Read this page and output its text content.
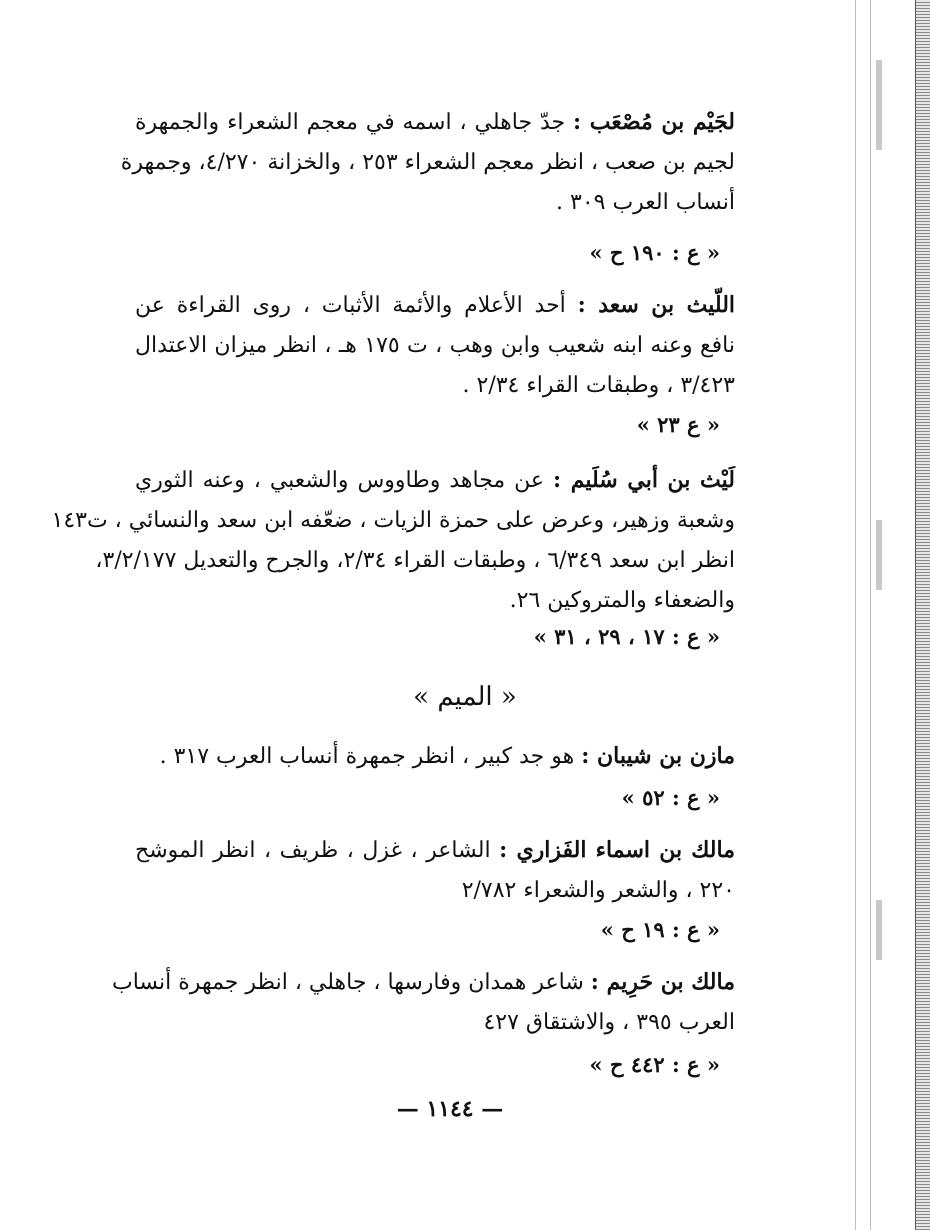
لجَيْم بن مُصْعَب : جدّ جاهلي ، اسمه في معجم الشعراء والجمهرة
لجيم بن صعب ، انظر معجم الشعراء ٢٥٣ ، والخزانة ٤/٢٧٠، وجمهرة
أنساب العرب ٣٠٩ .
« ع : ١٩٠ ح »
اللّيث بن سعد : أحد الأعلام والأئمة الأثبات ، روى القراءة عن
نافع وعنه ابنه شعيب وابن وهب ، ت ١٧٥ هـ ، انظر ميزان الاعتدال
٣/٤٢٣ ، وطبقات القراء ٢/٣٤ .
« ع ٢٣ »
لَيْث بن أبي سُلَيم : عن مجاهد وطاووس والشعبي ، وعنه الثوري
وشعبة وزهير، وعرض على حمزة الزيات ، ضعّفه ابن سعد والنسائي ، ت١٤٣
انظر ابن سعد ٦/٣٤٩ ، وطبقات القراء ٢/٣٤، والجرح والتعديل ٣/٢/١٧٧،
والضعفاء والمتروكين ٢٦.
« ع : ١٧ ، ٢٩ ، ٣١ »
« الميم »
مازن بن شيبان : هو جد كبير ، انظر جمهرة أنساب العرب ٣١٧ .
« ع : ٥٢ »
مالك بن اسماء الفَزاري : الشاعر ، غزل ، ظريف ، انظر الموشح
٢٢٠ ، والشعر والشعراء ٢/٧٨٢
« ع : ١٩ ح »
مالك بن حَرِيم : شاعر همدان وفارسها ، جاهلي ، انظر جمهرة أنساب
العرب ٣٩٥ ، والاشتقاق ٤٢٧
« ع : ٤٤٢ ح »
— ١١٤٤ —
